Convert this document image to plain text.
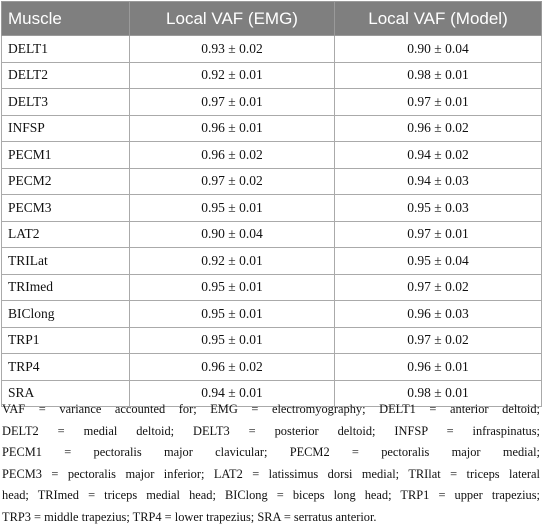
Muscle	Local VAF (EMG)	Local VAF (Model)
DELT1	0.93 ± 0.02	0.90 ± 0.04
DELT2	0.92 ± 0.01	0.98 ± 0.01
DELT3	0.97 ± 0.01	0.97 ± 0.01
INFSP	0.96 ± 0.01	0.96 ± 0.02
PECM1	0.96 ± 0.02	0.94 ± 0.02
PECM2	0.97 ± 0.02	0.94 ± 0.03
PECM3	0.95 ± 0.01	0.95 ± 0.03
LAT2	0.90 ± 0.04	0.97 ± 0.01
TRILat	0.92 ± 0.01	0.95 ± 0.04
TRImed	0.95 ± 0.01	0.97 ± 0.02
BIClong	0.95 ± 0.01	0.96 ± 0.03
TRP1	0.95 ± 0.01	0.97 ± 0.02
TRP4	0.96 ± 0.02	0.96 ± 0.01
SRA	0.94 ± 0.01	0.98 ± 0.01
VAF = variance accounted for; EMG = electromyography; DELT1 = anterior deltoid;
DELT2 = medial deltoid; DELT3 = posterior deltoid; INFSP = infraspinatus;
PECM1 = pectoralis major clavicular; PECM2 = pectoralis major medial;
PECM3 = pectoralis major inferior; LAT2 = latissimus dorsi medial; TRIlat = triceps lateral
head; TRImed = triceps medial head; BIClong = biceps long head; TRP1 = upper trapezius;
TRP3 = middle trapezius; TRP4 = lower trapezius; SRA = serratus anterior.
